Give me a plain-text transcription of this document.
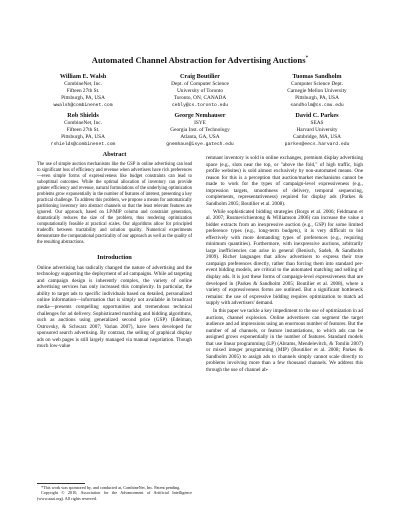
Automated Channel Abstraction for Advertising Auctions*
William E. Walsh
CombineNet, Inc.
Fifteen 27th St.
Pittsburgh, PA, USA
wwalsh@combinenet.com
Craig Boutilier
Dept. of Computer Science
University of Toronto
Toronto, ON, CANADA
cebly@cs.toronto.edu
Tuomas Sandholm
Computer Science Dept.
Carnegie Mellon University
Pittsburgh, PA, USA
sandholm@cs.cmu.edu
Rob Shields
CombineNet, Inc.
Fifteen 27th St.
Pittsburgh, PA, USA
rshields@combinenet.com
George Nemhauser
ISYE
Georgia Inst. of Technology
Atlanta, GA, USA
gnemhaus@isye.gatech.edu
David C. Parkes
SEAS
Harvard University
Cambridge, MA, USA
parkes@eecs.harvard.edu
Abstract

The use of simple auction mechanisms like the GSP in online advertising can lead to significant loss of efficiency and revenue when advertisers have rich preferences—even simple forms of expressiveness like budget constraints can lead to suboptimal outcomes. While the optimal allocation of inventory can provide greater efficiency and revenue, natural formulations of the underlying optimization problems grow exponentially in the number of features of interest, presenting a key practical challenge. To address this problem, we propose a means for automatically partitioning inventory into abstract channels so that the least relevant features are ignored. Our approach, based on LP/MIP column and constraint generation, dramatically reduces the size of the problem, thus rendering optimization computationally feasible at practical scales. Our algorithms allow for principled tradeoffs between tractability and solution quality. Numerical experiments demonstrate the computational practicality of our approach as well as the quality of the resulting abstractions.

Introduction

Online advertising has radically changed the nature of advertising and the technology supporting the deployment of ad campaigns. While ad targeting and campaign design is inherently complex, the variety of online advertising services has only increased this complexity. In particular, the ability to target ads to specific individuals based on detailed, personalized online information—information that is simply not available in broadcast media—presents compelling opportunities and tremendous technical challenges for ad delivery. Sophisticated matching and bidding algorithms, such as auctions using generalized second price (GSP) (Edelman, Ostrovsky, & Schwarz 2007; Varian 2007), have been developed for sponsored search advertising. By contrast, the selling of graphical display ads on web pages is still largely managed via manual negotiation. Though much low-value

*This work was sponsored by, and conducted at, CombineNet, Inc. Patent pending.

Copyright © 2010, Association for the Advancement of Artificial Intelligence (www.aaai.org). All rights reserved.

remnant inventory is sold in online exchanges, premium display advertising space (e.g., slots near the top, or "above the fold," of high traffic, high profile websites) is sold almost exclusively by non-automated means. One reason for this is a perception that auction/market mechanisms cannot be made to work for the types of campaign-level expressiveness (e.g., impression targets, smoothness of delivery, temporal sequencing, complements, representativeness) required for display ads (Parkes & Sandholm 2005; Boutilier et al. 2008).

While sophisticated bidding strategies (Borgs et al. 2006; Feldmann et al. 2007; Rusmevichientong & Williamson 2006) can increase the value a bidder extracts from an inexpressive auction (e.g., GSP) for some limited preference types (e.g., long-term budgets), it is very difficult to bid effectively with more demanding types of preferences (e.g., requiring minimum quantities). Furthermore, with inexpressive auctions, arbitrarily large inefficiencies can arise in general (Benisch, Sadeh, & Sandholm 2009). Richer languages that allow advertisers to express their true campaign preferences directly, rather than forcing them into standard per-event bidding models, are critical to the automated matching and selling of display ads. It is just these forms of campaign-level expressiveness that are developed in (Parkes & Sandholm 2005; Boutilier et al. 2008), where a variety of expressiveness forms are outlined. But a significant bottleneck remains: the use of expressive bidding requires optimization to match ad supply with advertisers' demand.

In this paper we tackle a key impediment to the use of optimization in ad auctions, channel explosion. Online advertisers can segment the target audience and ad impressions using an enormous number of features. But the number of ad channels, or feature instantiations, to which ads can be assigned grows exponentially in the number of features. Standard models that use linear programming (LP) (Abrams, Mendelevitch, & Tomlin 2007) or mixed integer programming (MIP) (Boutilier et al. 2008; Parkes & Sandholm 2005) to assign ads to channels simply cannot scale directly to problems involving more than a few thousand channels. We address this through the use of channel ab-
